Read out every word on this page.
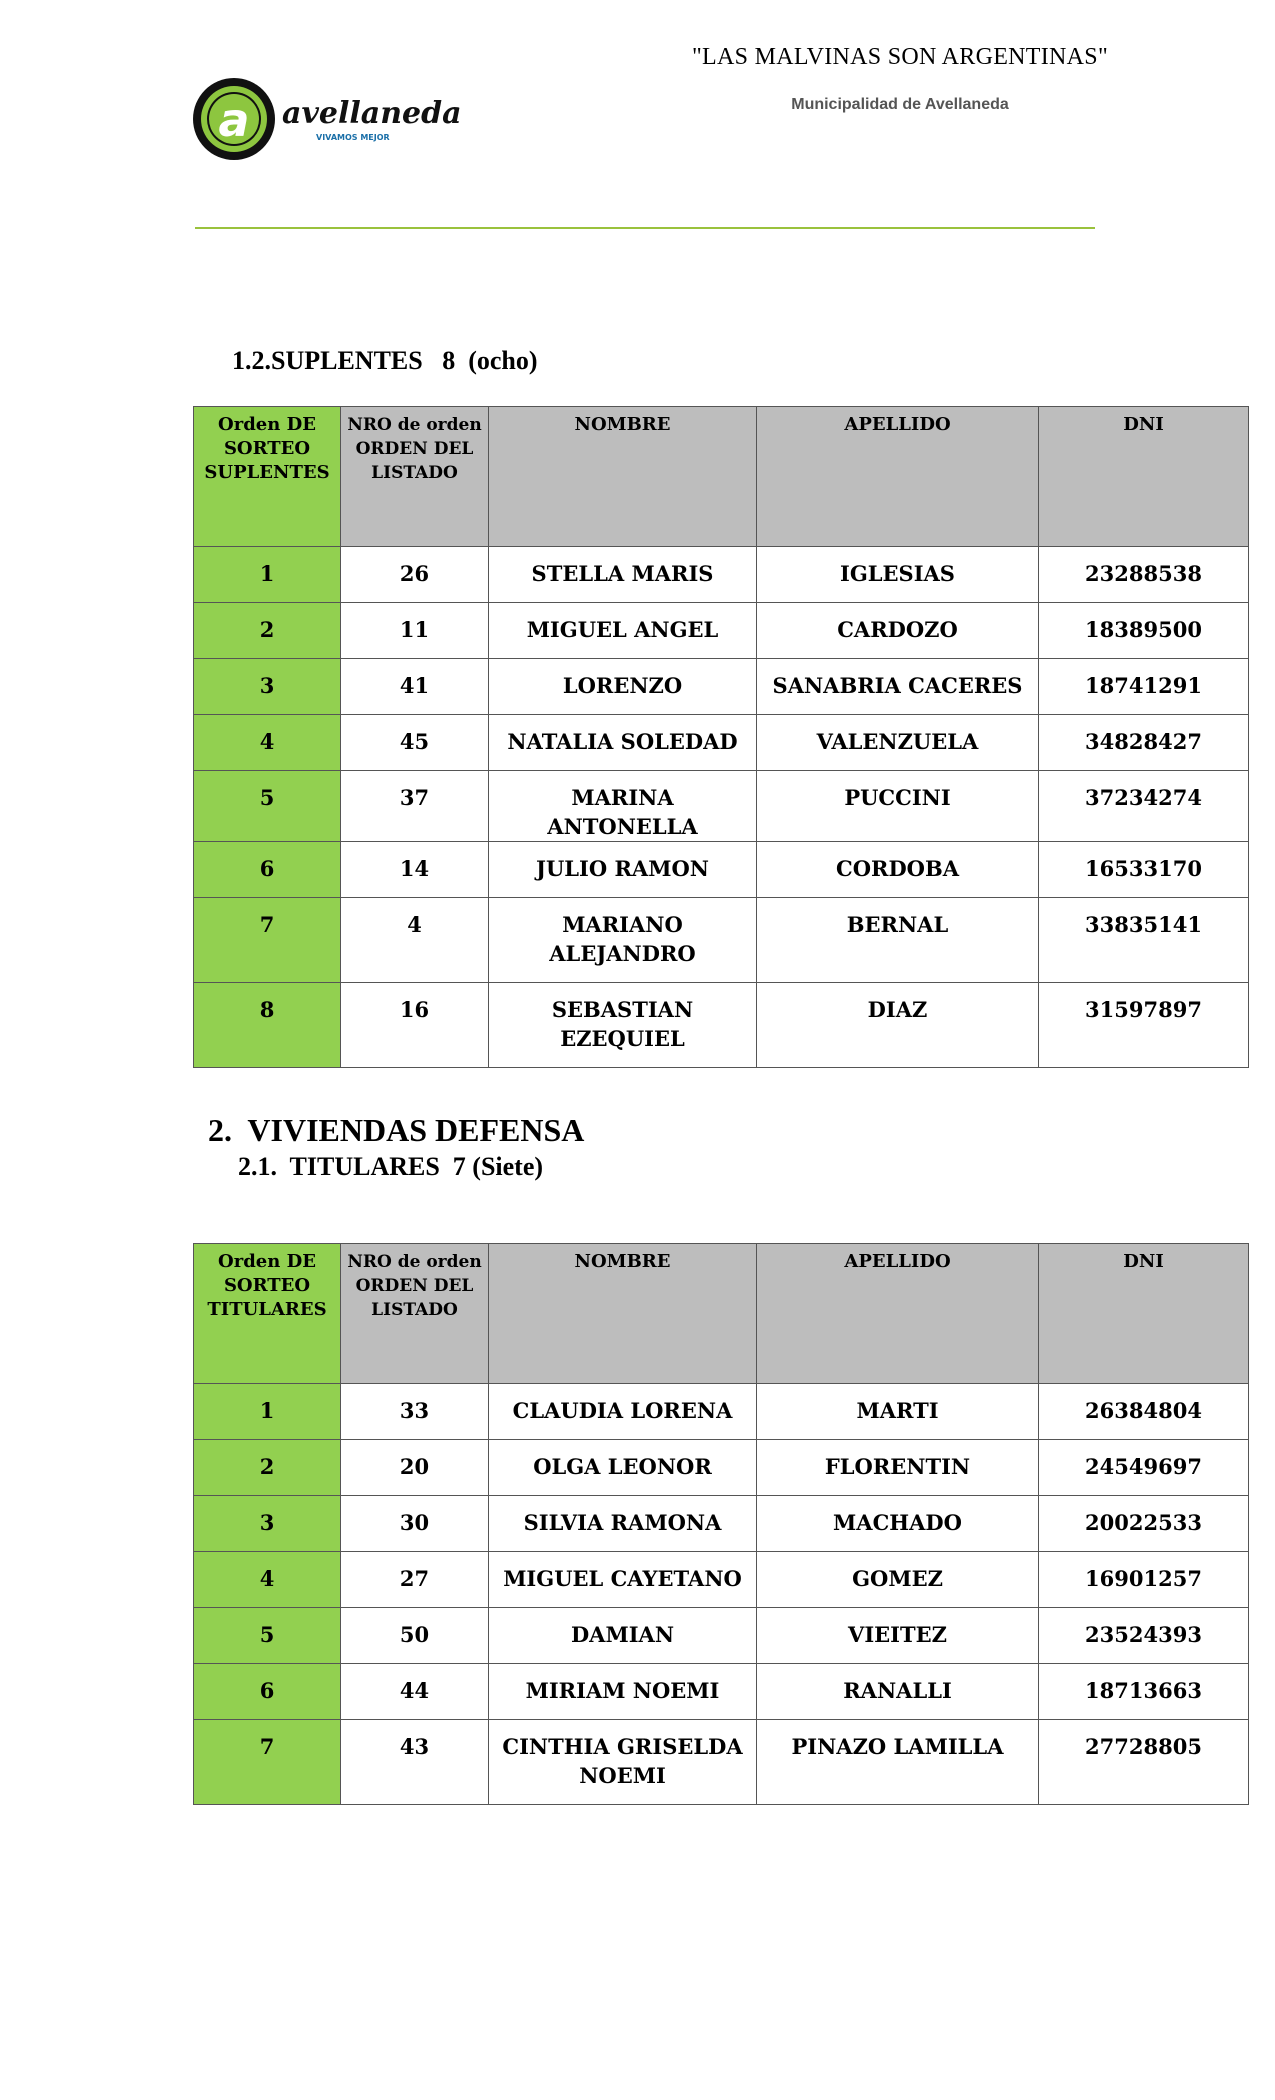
a avellaneda
VIVAMOS MEJOR
"LAS MALVINAS SON ARGENTINAS"
Municipalidad de Avellaneda
1.2.SUPLENTES   8  (ocho)
Orden DE SORTEO SUPLENTES	NRO de orden ORDEN DEL LISTADO	NOMBRE	APELLIDO	DNI
1	26	STELLA MARIS	IGLESIAS	23288538
2	11	MIGUEL ANGEL	CARDOZO	18389500
3	41	LORENZO	SANABRIA CACERES	18741291
4	45	NATALIA SOLEDAD	VALENZUELA	34828427
5	37	MARINA ANTONELLA	PUCCINI	37234274
6	14	JULIO RAMON	CORDOBA	16533170
7	4	MARIANO ALEJANDRO	BERNAL	33835141
8	16	SEBASTIAN EZEQUIEL	DIAZ	31597897
2.  VIVIENDAS DEFENSA
2.1.  TITULARES  7 (Siete)
Orden DE SORTEO TITULARES	NRO de orden ORDEN DEL LISTADO	NOMBRE	APELLIDO	DNI
1	33	CLAUDIA LORENA	MARTI	26384804
2	20	OLGA LEONOR	FLORENTIN	24549697
3	30	SILVIA RAMONA	MACHADO	20022533
4	27	MIGUEL CAYETANO	GOMEZ	16901257
5	50	DAMIAN	VIEITEZ	23524393
6	44	MIRIAM NOEMI	RANALLI	18713663
7	43	CINTHIA GRISELDA NOEMI	PINAZO LAMILLA	27728805
